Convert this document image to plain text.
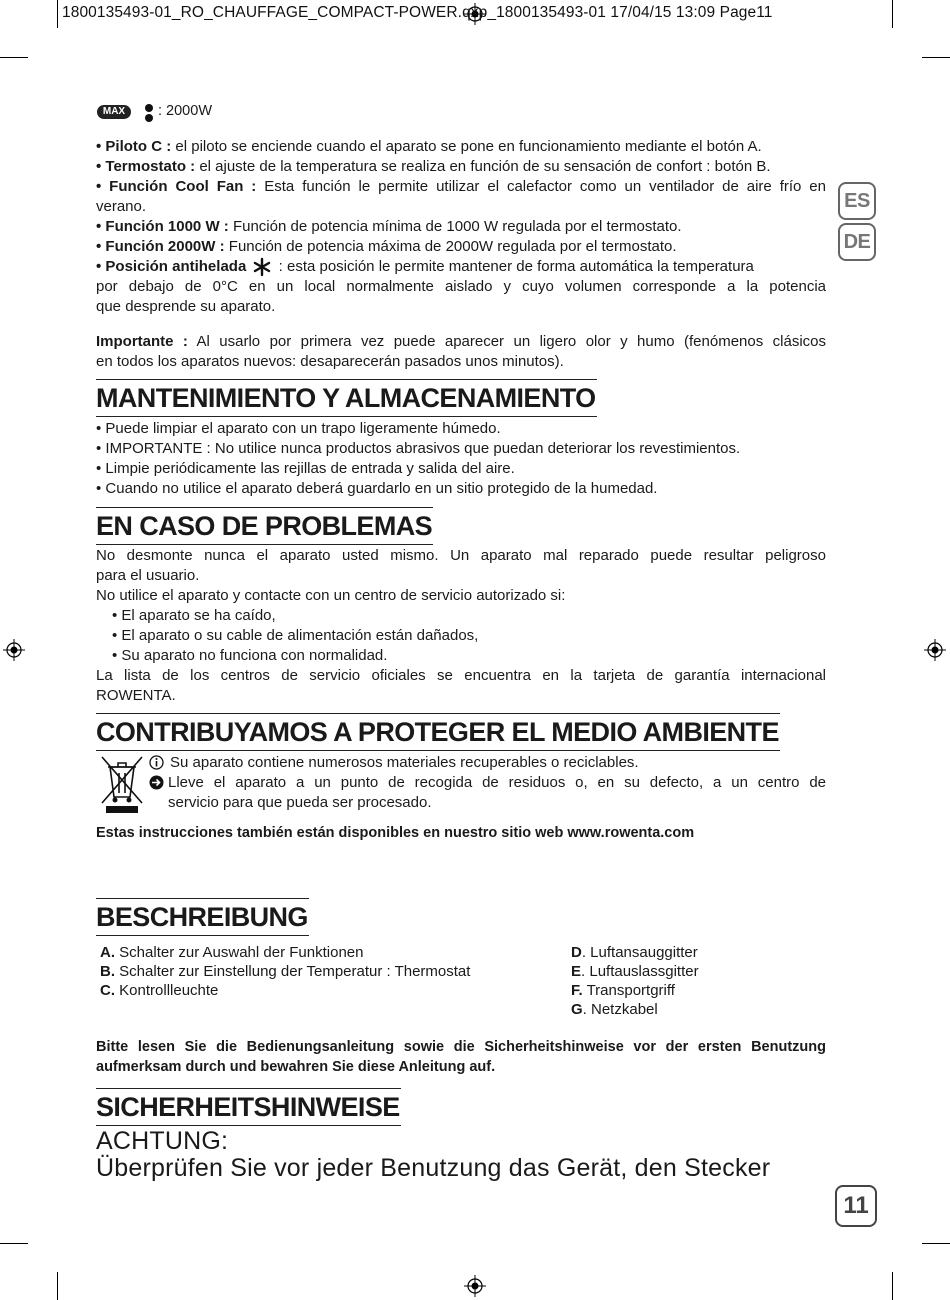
1800135493-01_RO_CHAUFFAGE_COMPACT-POWER.qxp_1800135493-01 17/04/15 13:09 Page11
ES
DE
MAX	: 2000W
• Piloto C : el piloto se enciende cuando el aparato se pone en funcionamiento mediante el botón A.
• Termostato : el ajuste de la temperatura se realiza en función de su sensación de confort : botón B.
• Función Cool Fan : Esta función le permite utilizar el calefactor como un ventilador de aire frío en
verano.
• Función 1000 W : Función de potencia mínima de 1000 W regulada por el termostato.
• Función 2000W : Función de potencia máxima de 2000W regulada por el termostato.
• Posición antihelada  : esta posición le permite mantener de forma automática la temperatura
por debajo de 0°C en un local normalmente aislado y cuyo volumen corresponde a la potencia
que desprende su aparato.
Importante : Al usarlo por primera vez puede aparecer un ligero olor y humo (fenómenos clásicos
en todos los aparatos nuevos: desaparecerán pasados unos minutos).
MANTENIMIENTO Y ALMACENAMIENTO
• Puede limpiar el aparato con un trapo ligeramente húmedo.
• IMPORTANTE : No utilice nunca productos abrasivos que puedan deteriorar los revestimientos.
• Limpie periódicamente las rejillas de entrada y salida del aire.
• Cuando no utilice el aparato deberá guardarlo en un sitio protegido de la humedad.
EN CASO DE PROBLEMAS
No desmonte nunca el aparato usted mismo. Un aparato mal reparado puede resultar peligroso
para el usuario.
No utilice el aparato y contacte con un centro de servicio autorizado si:
• El aparato se ha caído,
• El aparato o su cable de alimentación están dañados,
• Su aparato no funciona con normalidad.
La lista de los centros de servicio oficiales se encuentra en la tarjeta de garantía internacional
ROWENTA.
CONTRIBUYAMOS A PROTEGER EL MEDIO AMBIENTE
Su aparato contiene numerosos materiales recuperables o reciclables.
Lleve el aparato a un punto de recogida de residuos o, en su defecto, a un centro de
servicio para que pueda ser procesado.
Estas instrucciones también están disponibles en nuestro sitio web www.rowenta.com
BESCHREIBUNG
A. Schalter zur Auswahl der Funktionen
B. Schalter zur Einstellung der Temperatur : Thermostat
C. Kontrollleuchte
D. Luftansauggitter
E. Luftauslassgitter
F. Transportgriff
G. Netzkabel
Bitte lesen Sie die Bedienungsanleitung sowie die Sicherheitshinweise vor der ersten Benutzung
aufmerksam durch und bewahren Sie diese Anleitung auf.
SICHERHEITSHINWEISE
ACHTUNG:
Überprüfen Sie vor jeder Benutzung das Gerät, den Stecker
11
